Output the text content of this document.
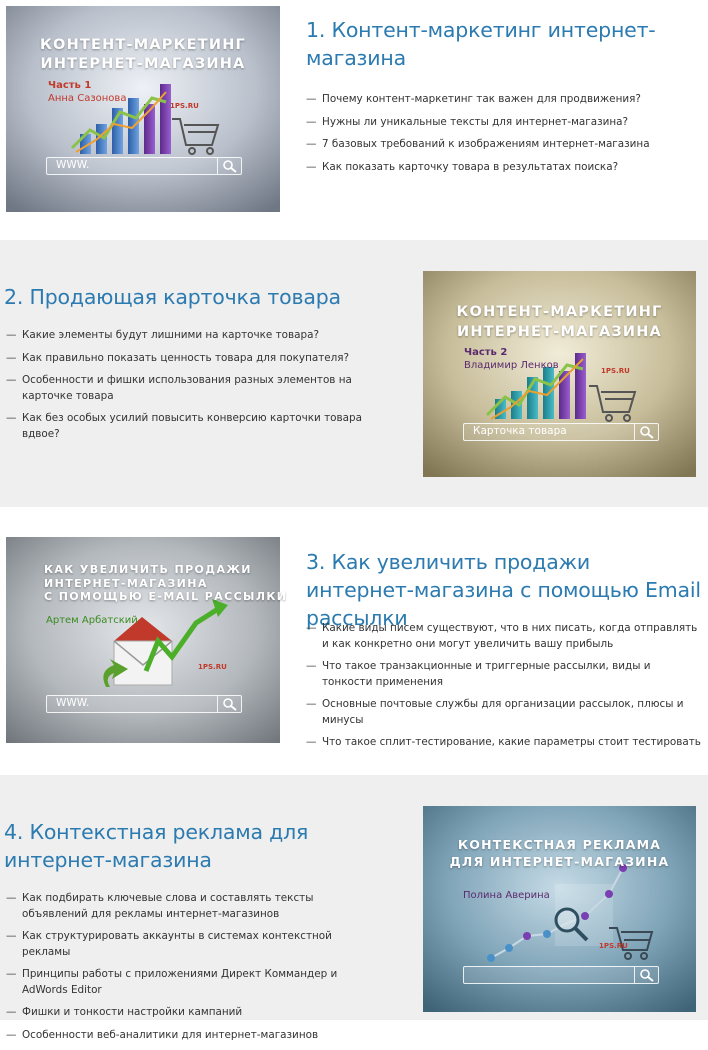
КОНТЕНТ-МАРКЕТИНГ
ИНТЕРНЕТ-МАГАЗИНА
Часть 1
Анна Сазонова
1PS.RU
WWW.
1. Контент-маркетинг интернет-магазина
— Почему контент-маркетинг так важен для продвижения?
— Нужны ли уникальные тексты для интернет-магазина?
— 7 базовых требований к изображениям интернет-магазина
— Как показать карточку товара в результатах поиска?
2. Продающая карточка товара
— Какие элементы будут лишними на карточке товара?
— Как правильно показать ценность товара для покупателя?
— Особенности и фишки использования разных элементов на карточке товара
— Как без особых усилий повысить конверсию карточки товара вдвое?
КОНТЕНТ-МАРКЕТИНГ
ИНТЕРНЕТ-МАГАЗИНА
Часть 2
Владимир Ленков	1PS.RU
Карточка товара
КАК УВЕЛИЧИТЬ ПРОДАЖИ
ИНТЕРНЕТ-МАГАЗИНА
С ПОМОЩЬЮ E-MAIL РАССЫЛКИ
Артем Арбатский
1PS.RU
WWW.
3. Как увеличить продажи интернет-магазина с помощью Email рассылки
— Какие виды писем существуют, что в них писать, когда отправлять и как конкретно они могут увеличить вашу прибыль
— Что такое транзакционные и триггерные рассылки, виды и тонкости применения
— Основные почтовые службы для организации рассылок, плюсы и минусы
— Что такое сплит-тестирование, какие параметры стоит тестировать
4. Контекстная реклама для интернет-магазина
— Как подбирать ключевые слова и составлять тексты объявлений для рекламы интернет-магазинов
— Как структурировать аккаунты в системах контекстной рекламы
— Принципы работы с приложениями Директ Коммандер и AdWords Editor
— Фишки и тонкости настройки кампаний
— Особенности веб-аналитики для интернет-магазинов
КОНТЕКСТНАЯ РЕКЛАМА
ДЛЯ ИНТЕРНЕТ-МАГАЗИНА
Полина Аверина
1PS.RU
